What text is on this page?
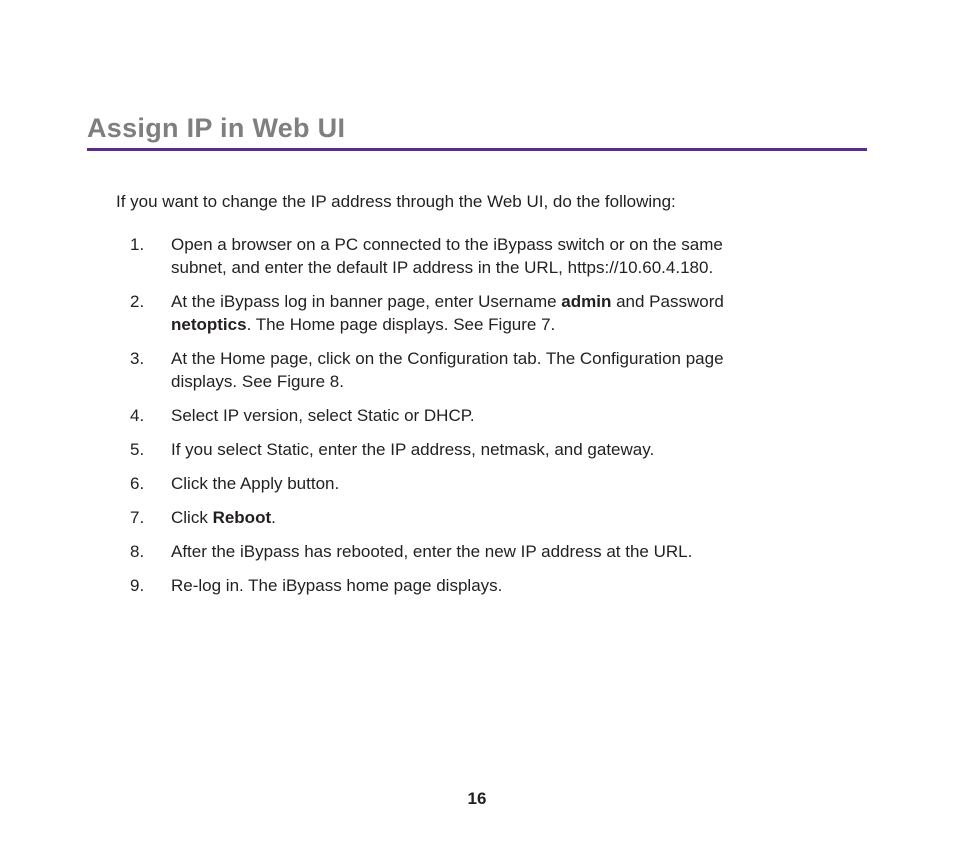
Assign IP in Web UI

If you want to change the IP address through the Web UI, do the following:

1.	Open a browser on a PC connected to the iBypass switch or on the same
subnet, and enter the default IP address in the URL, https://10.60.4.180.
2.	At the iBypass log in banner page, enter Username admin and Password
netoptics. The Home page displays. See Figure 7.
3.	At the Home page, click on the Configuration tab. The Configuration page
displays. See Figure 8.
4.	Select IP version, select Static or DHCP.
5.	If you select Static, enter the IP address, netmask, and gateway.
6.	Click the Apply button.
7.	Click Reboot.
8.	After the iBypass has rebooted, enter the new IP address at the URL.
9.	Re-log in. The iBypass home page displays.
16
